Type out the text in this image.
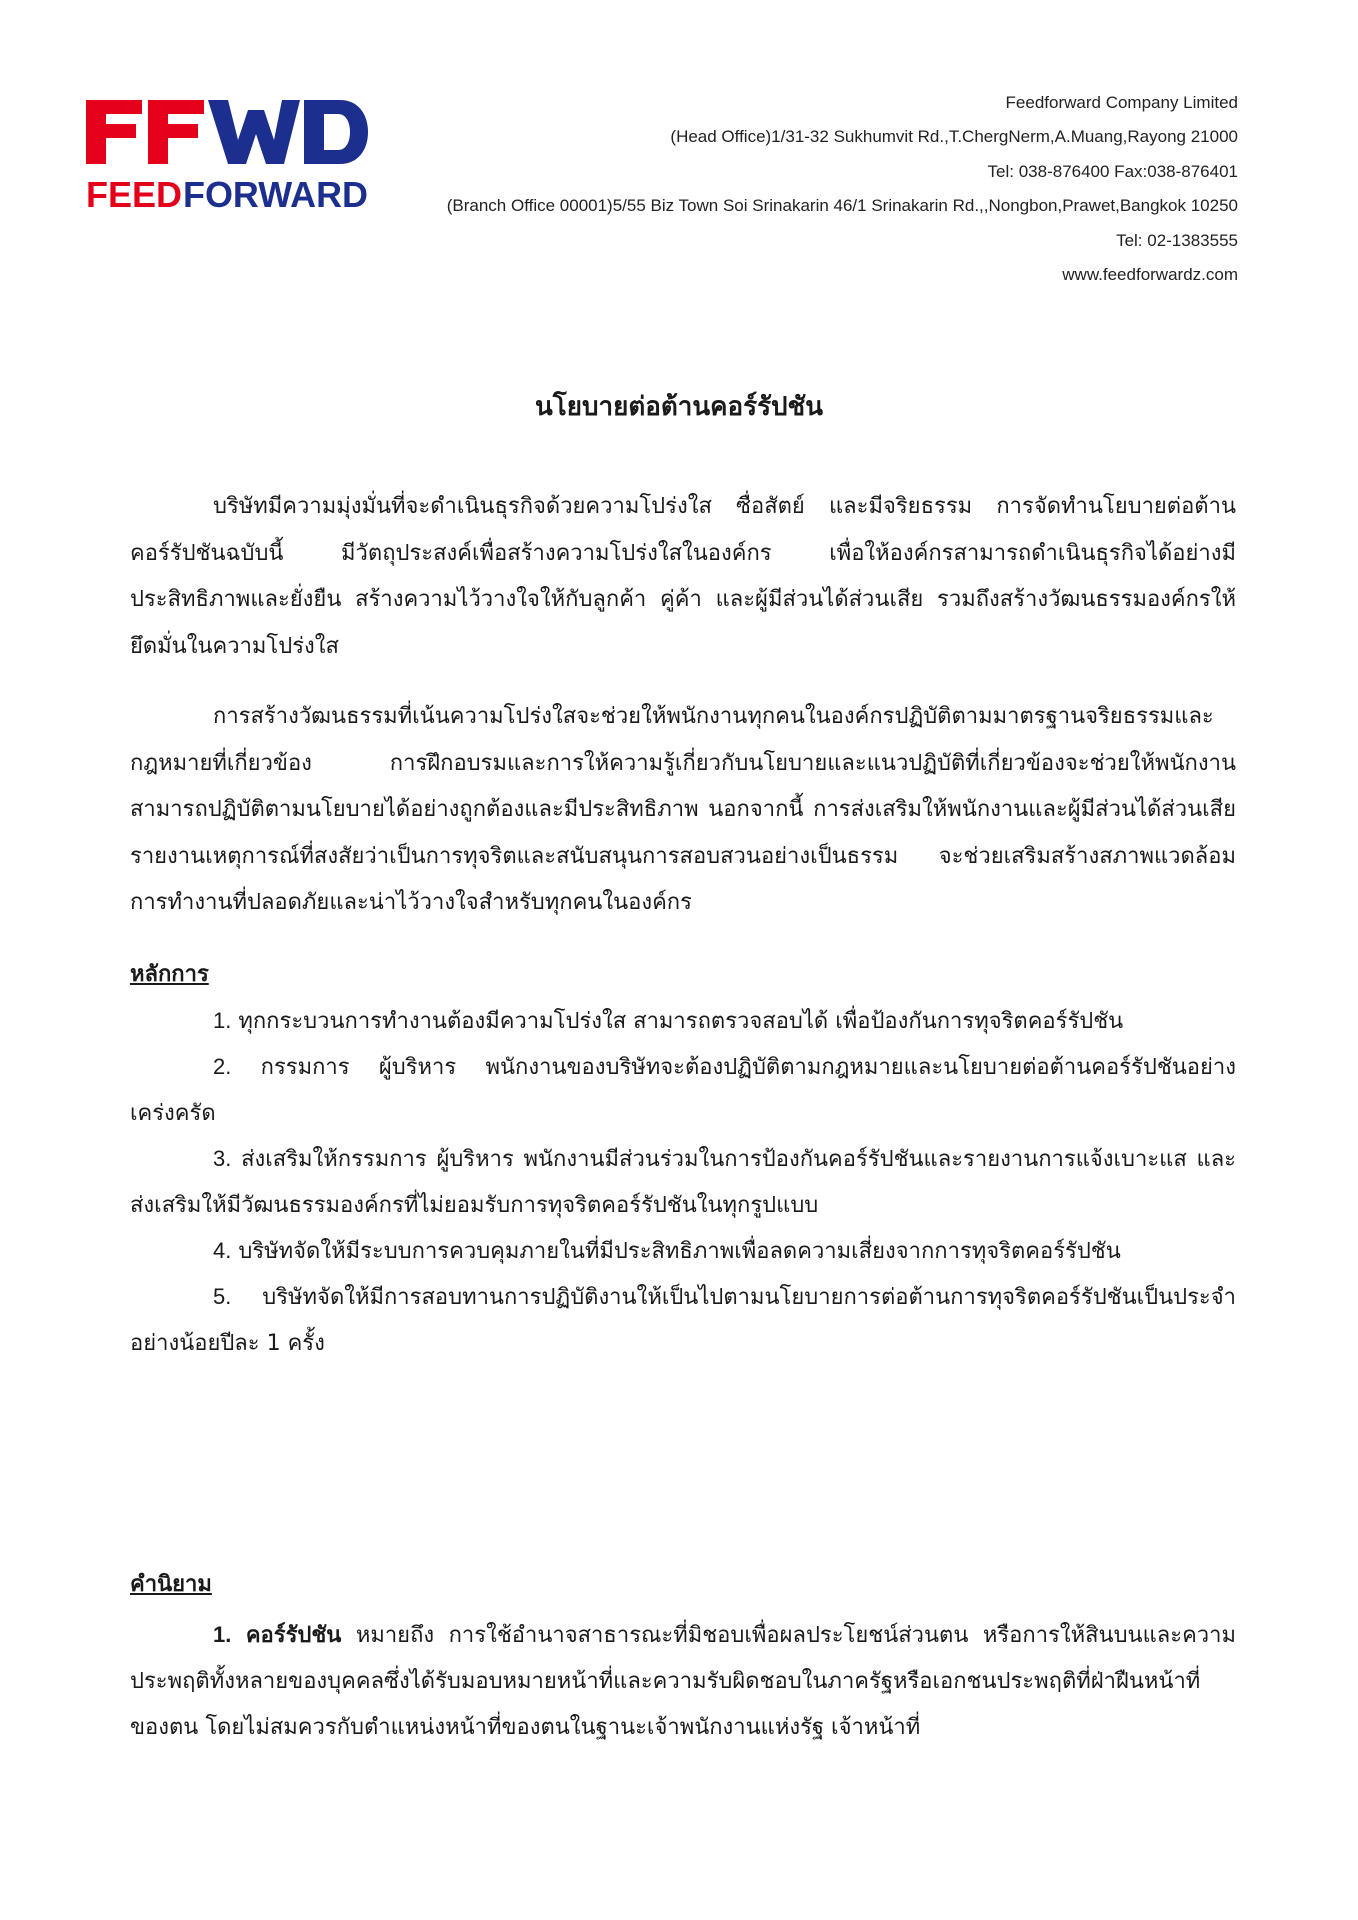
FEED FORWARD
Feedforward Company Limited
(Head Office)1/31-32 Sukhumvit Rd.,T.ChergNerm,A.Muang,Rayong 21000
Tel: 038-876400 Fax:038-876401
(Branch Office 00001)5/55 Biz Town Soi Srinakarin 46/1 Srinakarin Rd.,,Nongbon,Prawet,Bangkok 10250
Tel: 02-1383555
www.feedforwardz.com
นโยบายต่อต้านคอร์รัปชัน
บริษัทมีความมุ่งมั่นที่จะดำเนินธุรกิจด้วยความโปร่งใส ซื่อสัตย์ และมีจริยธรรม การจัดทำนโยบายต่อต้านคอร์รัปชันฉบับนี้ มีวัตถุประสงค์เพื่อสร้างความโปร่งใสในองค์กร เพื่อให้องค์กรสามารถดำเนินธุรกิจได้อย่างมีประสิทธิภาพและยั่งยืน สร้างความไว้วางใจให้กับลูกค้า คู่ค้า และผู้มีส่วนได้ส่วนเสีย รวมถึงสร้างวัฒนธรรมองค์กรให้ยึดมั่นในความโปร่งใส
การสร้างวัฒนธรรมที่เน้นความโปร่งใสจะช่วยให้พนักงานทุกคนในองค์กรปฏิบัติตามมาตรฐานจริยธรรมและกฎหมายที่เกี่ยวข้อง การฝึกอบรมและการให้ความรู้เกี่ยวกับนโยบายและแนวปฏิบัติที่เกี่ยวข้องจะช่วยให้พนักงานสามารถปฏิบัติตามนโยบายได้อย่างถูกต้องและมีประสิทธิภาพ นอกจากนี้ การส่งเสริมให้พนักงานและผู้มีส่วนได้ส่วนเสียรายงานเหตุการณ์ที่สงสัยว่าเป็นการทุจริตและสนับสนุนการสอบสวนอย่างเป็นธรรม จะช่วยเสริมสร้างสภาพแวดล้อมการทำงานที่ปลอดภัยและน่าไว้วางใจสำหรับทุกคนในองค์กร
หลักการ
1. ทุกกระบวนการทำงานต้องมีความโปร่งใส สามารถตรวจสอบได้ เพื่อป้องกันการทุจริตคอร์รัปชัน
2. กรรมการ ผู้บริหาร พนักงานของบริษัทจะต้องปฏิบัติตามกฎหมายและนโยบายต่อต้านคอร์รัปชันอย่างเคร่งครัด
3. ส่งเสริมให้กรรมการ ผู้บริหาร พนักงานมีส่วนร่วมในการป้องกันคอร์รัปชันและรายงานการแจ้งเบาะแส และส่งเสริมให้มีวัฒนธรรมองค์กรที่ไม่ยอมรับการทุจริตคอร์รัปชันในทุกรูปแบบ
4. บริษัทจัดให้มีระบบการควบคุมภายในที่มีประสิทธิภาพเพื่อลดความเสี่ยงจากการทุจริตคอร์รัปชัน
5. บริษัทจัดให้มีการสอบทานการปฏิบัติงานให้เป็นไปตามนโยบายการต่อต้านการทุจริตคอร์รัปชันเป็นประจำอย่างน้อยปีละ 1 ครั้ง
คำนิยาม
1. คอร์รัปชัน หมายถึง การใช้อำนาจสาธารณะที่มิชอบเพื่อผลประโยชน์ส่วนตน หรือการให้สินบนและความประพฤติทั้งหลายของบุคคลซึ่งได้รับมอบหมายหน้าที่และความรับผิดชอบในภาครัฐหรือเอกชนประพฤติที่ฝ่าฝืนหน้าที่ของตน โดยไม่สมควรกับตำแหน่งหน้าที่ของตนในฐานะเจ้าพนักงานแห่งรัฐ เจ้าหน้าที่
